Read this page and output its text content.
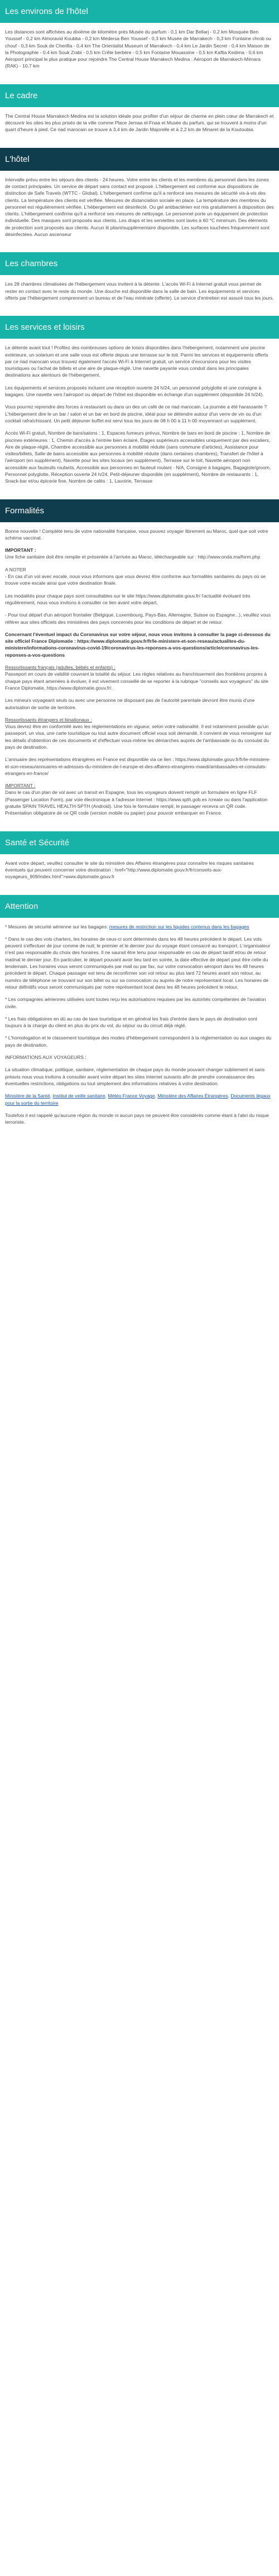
Les environs de l'hôtel

Les distances sont affichées au dixième de kilomètre près Musée du parfum - 0,1 km Dar Bellarj - 0,2 km Mosquée Ben Youssef - 0,2 km Almoravid Koubba - 0,2 km Médersa Ben Youssef - 0,3 km Musée de Marrakech - 0,3 km Fontaine chrob ou chouf - 0,3 km Souk de Cherifia - 0,4 km The Orientalist Museum of Marrakech - 0,4 km Le Jardin Secret - 0,4 km Maison de la Photographie - 0,4 km Souk Zrabi - 0,5 km Crête berbère - 0,5 km Fontaine Mouassine - 0,5 km Kaftia Kedima - 0,6 km Aéroport principal le plus pratique pour rejoindre The Central House Marrakech Medina : Aéroport de Marrakech-Ménara (RAK) - 10,7 km

Le cadre

The Central House Marrakech Medina est la solution idéale pour profiter d'un séjour de charme en plein cœur de Marrakech et découvrir les sites les plus prisés de la ville comme Place Jemaa el-Fnaa et Musée du parfum, qui se trouvent à moins d'un quart d'heure à pied. Ce riad marocain se trouve à 3,4 km de Jardin Majorelle et à 2,2 km de Minaret de la Koutoubia.

L'hôtel

Intervalle prévu entre les séjours des clients - 24 heures. Votre entre les clients et les membres du personnel dans les zones de contact principales. Un service de départ sans contact est proposé. L'hébergement est conforme aux dispositions de distinction de Safe Travels (WTTC - Global). L'hébergement confirme qu'il a renforcé ses mesures de sécurité vis-à-vis des clients. La température des clients est vérifiée. Mesures de distanciation sociale en place. La température des membres du personnel est régulièrement vérifiée. L'hébergement est désinfecté. Ou gel antibactérien est mis gratuitement à disposition des clients. L'hébergement confirme qu'il a renforcé ses mesures de nettoyage. Le personnel porte un équipement de protection individuelle. Des masques sont proposés aux clients. Les draps et les serviettes sont lavés à 60 °C minimum. Des éléments de protection sont proposés aux clients. Aucun lit pliant/supplémentaire disponible. Les surfaces touchées fréquemment sont désinfectées. Aucun ascenseur

Les chambres

Les 28 chambres climatisées de l'hébergement vous invitent à la détente. L'accès Wi-Fi à Internet gratuit vous permet de rester en contact avec le reste du monde. Une douche est disponible dans la salle de bain. Les équipements et services offerts par l'hébergement comprennent un bureau et de l'eau minérale (offerte). Le service d'entretien est assuré tous les jours.

Les services et loisirs

Le détente avant tout ! Profitez des nombreuses options de loisirs disponibles dans l'hébergement, notamment une piscine extérieure, un solarium et une salle vous est offerte depuis une terrasse sur le toit. Parmi les services et équipements offerts par ce riad marocain vous trouvez également l'accès Wi-Fi à Internet gratuit, un service d'excursions pour les visites touristiques ou l'achat de billets et une aire de plaque-réglé. Une navette payante vous conduit dans les principales destinations aux alentours de l'hébergement.

Les équipements et services proposés incluent une réception ouverte 24 h/24, un personnel polyglotte et une consigne à bagages. Une navette vers l'aéroport ou départ de l'hôtel est disponible en échange d'un supplément (disponible 24 h/24).

Vous pourrez reprendre des forces à restaurant ou dans un des un café de ce riad marocain. La journée a été harassante ? L'hébergement dire le un bar / salon et un bar en bord de piscine, idéal pour se détendre autour d'un verre de vin ou d'un cocktail rafraîchissant. Un petit déjeuner buffet est servi tous les jours de 08 h 00 à 11 h 00 moyennant un supplément.

Accès Wi-Fi gratuit, Nombre de bars/salons : 1, Espaces fumeurs prévus, Nombre de bars en bord de piscine : 1, Nombre de piscines extérieures : 1, Chemin d'accès à l'entrée bien éclairé, Étages supérieurs accessibles uniquement par des escaliers, Aire de plaque-réglé, Chambre accessible aux personnes à mobilité réduite (sans commune d'articles), Assistance pour visites/billets, Salle de bains accessible aux personnes à mobilité réduite (dans certaines chambres), Transfert de l'hôtel à l'aéroport (en supplément), Navette pour les sites locaux (en supplément), Terrasse sur le toit, Navette aéroport non accessible aux fauteuils roulants, Accessible aux personnes en fauteuil roulant - N/A, Consigne à bagages, Bagagiste/groom, Personnel polyglotte, Réception ouverte 24 h/24, Petit-déjeuner disponible (en supplément), Nombre de restaurants : 1, Snack-bar et/ou épicerie fine, Nombre de cafés : 1, Lavoirie, Terrasse

Formalités

Bonne nouvelle ! Complété tenu de votre nationalité française, vous pouvez voyager librement au Maroc, quel que soit votre schéma vaccinal.

IMPORTANT :

Une fiche sanitaire doit être remplie et présentée à l'arrivée au Maroc, téléchargeable sur : http://www.onda.ma/form.php

A NOTER

- En cas d'un vol avec escale, nous vous informons que vous devrez être conforme aux formalités sanitaires du pays où se trouve votre escale ainsi que votre destination finale.

Les modalités pour chaque pays sont consultables sur le site https://www.diplomatie.gouv.fr/ l'actualité évoluant très régulièrement, nous vous invitons à consulter ce lien avant votre départ.

- Pour tout départ d'un aéroport frontalier (Belgique, Luxembourg, Pays-Bas, Allemagne, Suisse ou Espagne...), veuillez vous référer aux sites officiels des ministères des pays concernés pour les conditions de départ et de retour.

Concernant l'éventuel impact du Coronavirus sur votre séjour, nous vous invitons à consulter la page ci-dessous du site officiel France Diplomatie : https://www.diplomatie.gouv.fr/fr/le-ministere-et-son-reseau/actualites-du-ministere/informations-coronavirus-covid-19/coronavirus-les-reponses-a-vos-questions/article/coronavirus-les-reponses-a-vos-questions

Ressortissants français (adultes, bébés et enfants) :

Passeport en cours de validité couvrant la totalité du séjour. Les règles relatives au franchissement des frontières propres à chaque pays étant amenées à évoluer, il est vivement conseillé de se reporter à la rubrique "conseils aux voyageurs" du site France Diplomatie, https://www.diplomatie.gouv.fr/.

Les mineurs voyageant seuls ou avec une personne ne disposant pas de l'autorité parentale devront être munis d'une autorisation de sortie de territoire.

Ressortissants étrangers et binationaux :

Vous devrez être en conformité avec les réglementations en vigueur, selon votre nationalité. Il est notamment possible qu'un passeport, un visa, une carte touristique ou tout autre document officiel vous soit demandé. Il convient de vous renseigner sur les détails d'obtention de ces documents et d'effectuer vous-même les démarches auprès de l'ambassade ou du consulat du pays de destination.

L'annuaire des représentations étrangères en France est disponible via ce lien : https://www.diplomatie.gouv.fr/fr/le-ministere-et-son-reseau/annuaires-et-adresses-du-ministere-de-l-europe-et-des-affaires-etrangeres-maedi/ambassades-et-consulats-etrangers-en-france/

IMPORTANT :

Dans le cas d'un plan de vol avec un transit en Espagne, tous les voyageurs doivent remplir un formulaire en ligne FLF (Passenger Location Form), par voie électronique à l'adresse Internet : https://www.spth.gob.es /create ou dans l'application gratuite SPAIN TRAVEL HEALTH-SPTH (Android). Une fois le formulaire rempli, le passager recevra un QR code. Présentation obligatoire de ce QR code (version mobile ou papier) pour pouvoir embarquer en France.

Santé et Sécurité

Avant votre départ, veuillez consulter le site du ministère des Affaires étrangères pour connaître les risques sanitaires éventuels qui peuvent concerner votre destination : href="http://www.diplomatie.gouv.fr/fr/conseils-aux-voyageurs_909/index.html">www.diplomatie.gouv.fr

Attention

* Mesures de sécurité aérienne sur les bagages: mesures de restriction sur les liquides contenus dans les bagages

* Dans le cas des vols charters, les horaires de ceux-ci sont déterminés dans les 48 heures précédent le départ. Les vols peuvent s'effectuer de jour comme de nuit; le premier et le dernier jour du voyage étant consacré au transport. L'organisateur n'est pas responsable du choix des horaires. Il ne saurait être tenu pour responsable en cas de départ tardif et/ou de retour matinal le dernier jour. En particulier, le départ pouvant avoir lieu tard en soirée, la date effective de départ peut être celle du lendemain. Les horaires vous seront communiqués par mail ou par fax, sur votre convocation aéroport dans les 48 heures précédent le départ. Chaque passager est tenu de reconfirmer son vol retour au plus tard 72 heures avant son retour, au numéro de téléphone se trouvant sur son billet ou sur sa convocation ou auprès de notre représentant local. Les horaires de retour définitifs vous seront communiqués par notre représentant local dans les 48 heures précédent le retour.

* Les compagnies aériennes utilisées sont toutes reçu les autorisations requises par les autorités compétentes de l'aviation civile.

* Les frais obligatoires en dû au cas de taxe touristique et en général les frais d'entrée dans le pays de destination sont toujours à la charge du client en plus du prix du vol, du séjour ou du circuit déjà réglé.

* L'homologation et le classement touristique des modes d'hébergement correspondent à la réglementation ou aux usages du pays de destination.

INFORMATIONS AUX VOYAGEURS :

La situation climatique, politique, sanitaire, réglementation de chaque pays du monde pouvant changer subitement et sans préavis nous vous invitons à consulter avant votre départ les sites Internet suivants afin de prendre connaissance des éventuelles restrictions, obligations ou tout simplement des informations relatives à votre destination.

Ministère de la Santé, Institut de veille sanitaire, Météo France Voyage, Ministère des Affaires Étrangères, Documents légaux pour la sortie du territoire

Toutefois il est rappelé qu'aucune région du monde ni aucun pays ne peuvent être considérés comme étant à l'abri du risque terroriste.
